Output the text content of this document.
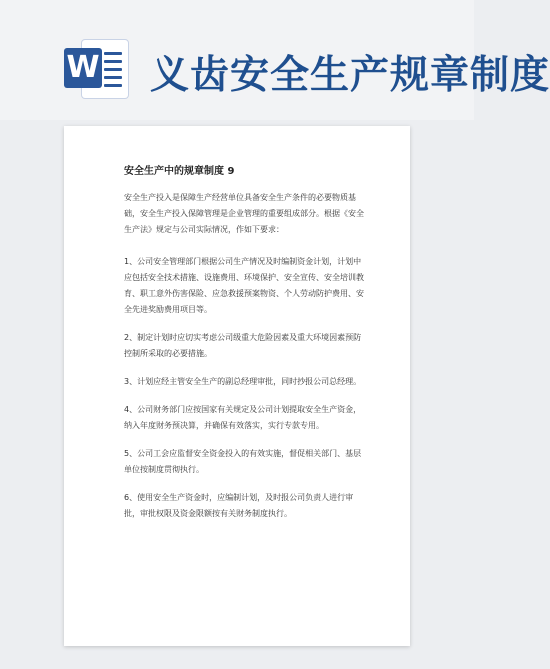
W 义齿安全生产规章制度
安全生产中的规章制度 9

安全生产投入是保障生产经营单位具备安全生产条件的必要物质基础，安全生产投入保障管理是企业管理的重要组成部分。根据《安全生产法》规定与公司实际情况，作如下要求：

1、公司安全管理部门根据公司生产情况及时编制资金计划，计划中应包括安全技术措施、设施费用、环境保护、安全宣传、安全培训教育、职工意外伤害保险、应急救援预案物资、个人劳动防护费用、安全先进奖励费用项目等。

2、制定计划时应切实考虑公司级重大危险因素及重大环境因素预防控制所采取的必要措施。

3、计划应经主管安全生产的副总经理审批，同时抄报公司总经理。

4、公司财务部门应按国家有关规定及公司计划提取安全生产资金，纳入年度财务预决算，并确保有效落实，实行专款专用。

5、公司工会应监督安全资金投入的有效实施，督促相关部门、基层单位按制度贯彻执行。

6、使用安全生产资金时，应编制计划，及时报公司负责人进行审批，审批权限及资金限额按有关财务制度执行。
